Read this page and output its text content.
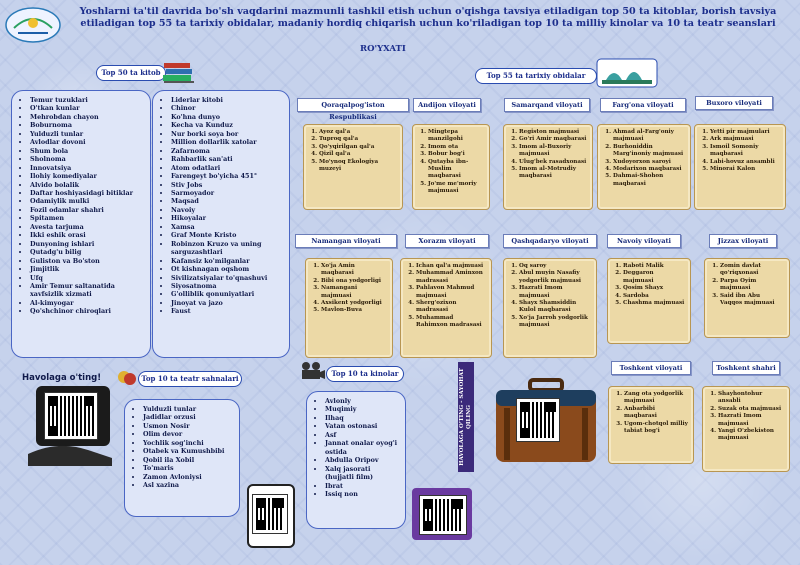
Yoshlarni ta'til davrida bo'sh vaqdarini mazmunli tashkil etish uchun o'qishga tavsiya etiladigan top 50 ta kitoblar, borish tavsiya etiladigan top 55 ta tarixiy obidalar, madaniy hordiq chiqarish uchun ko'riladigan top 10 ta milliy kinolar va 10 ta teatr seanslari
RO'YXATI
Top 50 ta kitob
• Temur tuzuklari
• O'tkan kunlar
• Mehrobdan chayon
• Boburnoma
• Yulduzli tunlar
• Avlodlar dovoni
• Shum bola
• Sholnoma
• Innovatsiya
• Ilohiy komediyalar
• Alvido bolalik
• Daftar hoshiyasidagi bitiklar
• Odamiylik mulki
• Fozil odamlar shahri
• Spitamen
• Avesta tarjuma
• Ikki eshik orasi
• Dunyoning ishlari
• Qutadg'u bilig
• Guliston va Bo'ston
• Jimjitlik
• Ufq
• Amir Temur saltanatida xavfsizlik xizmati
• Al-kimyogar
• Qo'shchinor chiroqlari
• Liderlar kitobi
• Chinor
• Ko'hna dunyo
• Kecha va Kunduz
• Nur borki soya bor
• Million dollarlik xatolar
• Zafarnoma
• Rahbarlik san'ati
• Atom odatlari
• Farengeyt bo'yicha 451°
• Stiv Jobs
• Sarmoyador
• Maqsad
• Navoiy
• Hikoyalar
• Xamsa
• Graf Monte Kristo
• Robinzon Kruzo va uning sarguzashtlari
• Kafansiz ko'milganlar
• Ot kishnagan oqshom
• Sivilizatsiyalar to'qnashuvi
• Siyosatnoma
• G'olliblik qonuniyatlari
• Jinoyat va jazo
• Faust
Top 55 ta tarixiy obidalar
Qoraqalpog'iston Respublikasi
1. Ayoz qal'a
2. Tuproq qal'a
3. Qo'yqirilgan qal'a
4. Qizil qal'a
5. Mo'ynoq Ekologiya muzeyi
Andijon viloyati
1. Mingtepa manzilgohi
2. Imom ota
3. Bobur bog'i
4. Qutayba ibn-Muslim maqbarasi
5. Jo'me me'moriy majmuasi
Samarqand viloyati
1. Registon majmuasi
2. Go'ri Amir maqbarasi
3. Imom al-Buxoriy majmuasi
4. Ulug'bek rasadxonasi
5. Imom al-Motrudiy maqbarasi
Farg'ona viloyati
1. Ahmad al-Farg'oniy majmuasi
2. Burhoniddin Marg'inoniy majmuasi
3. Xudoyorxon saroyi
4. Modarixon maqbarasi
5. Dahmai-Shohon maqbarasi
Buxoro viloyati
1. Yetti pir majmulari
2. Ark majmuasi
3. Ismoil Somoniy maqbarasi
4. Labi-hovuz ansambli
5. Minorai Kalon
Namangan viloyati
1. Xo'ja Amin maqbarasi
2. Bibi ona yodgorligi
3. Namangani majmuasi
4. Axsikent yodgorligi
5. Mavlon-Buva
Xorazm viloyati
1. Ichan qal'a majmuasi
2. Muhammad Aminxon madrasasi
3. Pahlavon Mahmud majmuasi
4. Sherg'ozixon madrasasi
5. Muhammad Rahimxon madrasasi
Qashqadaryo viloyati
1. Oq saroy
2. Abul muyin Nasafiy yodgorlik majmuasi
3. Hazrati Imom majmuasi
4. Shayx Shamsiddin Kulol maqbarasi
5. Xo'ja Jarroh yodgorlik majmuasi
Navoiy viloyati
1. Raboti Malik
2. Deggaron majmuasi
3. Qosim Shayx
4. Sardoba
5. Chashma majmuasi
Jizzax viloyati
1. Zomin davlat qo'riqxonasi
2. Parpa Oyim majmuasi
3. Said ibn Abu Vaqqos majmuasi
Toshkent viloyati
1. Zang ota yodgorlik majmuasi
2. Anbarbibi maqbarasi
3. Ugom-chotqol milliy tabiat bog'i
Toshkent shahri
1. Shayhontohur ansabli
2. Suzak ota majmuasi
3. Hazrati Imom majmuasi
4. Yangi O'zbekiston majmuasi
Havolaga o'ting!	Top 10 ta teatr sahnalari
• Yulduzli tunlar
• Jadidlar orzusi
• Usmon Nosir
• Olim devor
• Yochlik sog'inchi
• Otabek va Kumushbibi
• Qobil ila Xobil
• To'maris
• Zamon Avloniysi
• Asl xazina
Top 10 ta kinolar
• Avlonly
• Muqimiy
• Ilhaq
• Vatan ostonasi
• Asf
• Jannat onalar oyog'i ostida
• Abdulla Oripov
• Xalq jasorati (hujjatli film)
• Ibrat
• Issiq non
HAVOLAGA O'TING - SAYOHAT QILING
